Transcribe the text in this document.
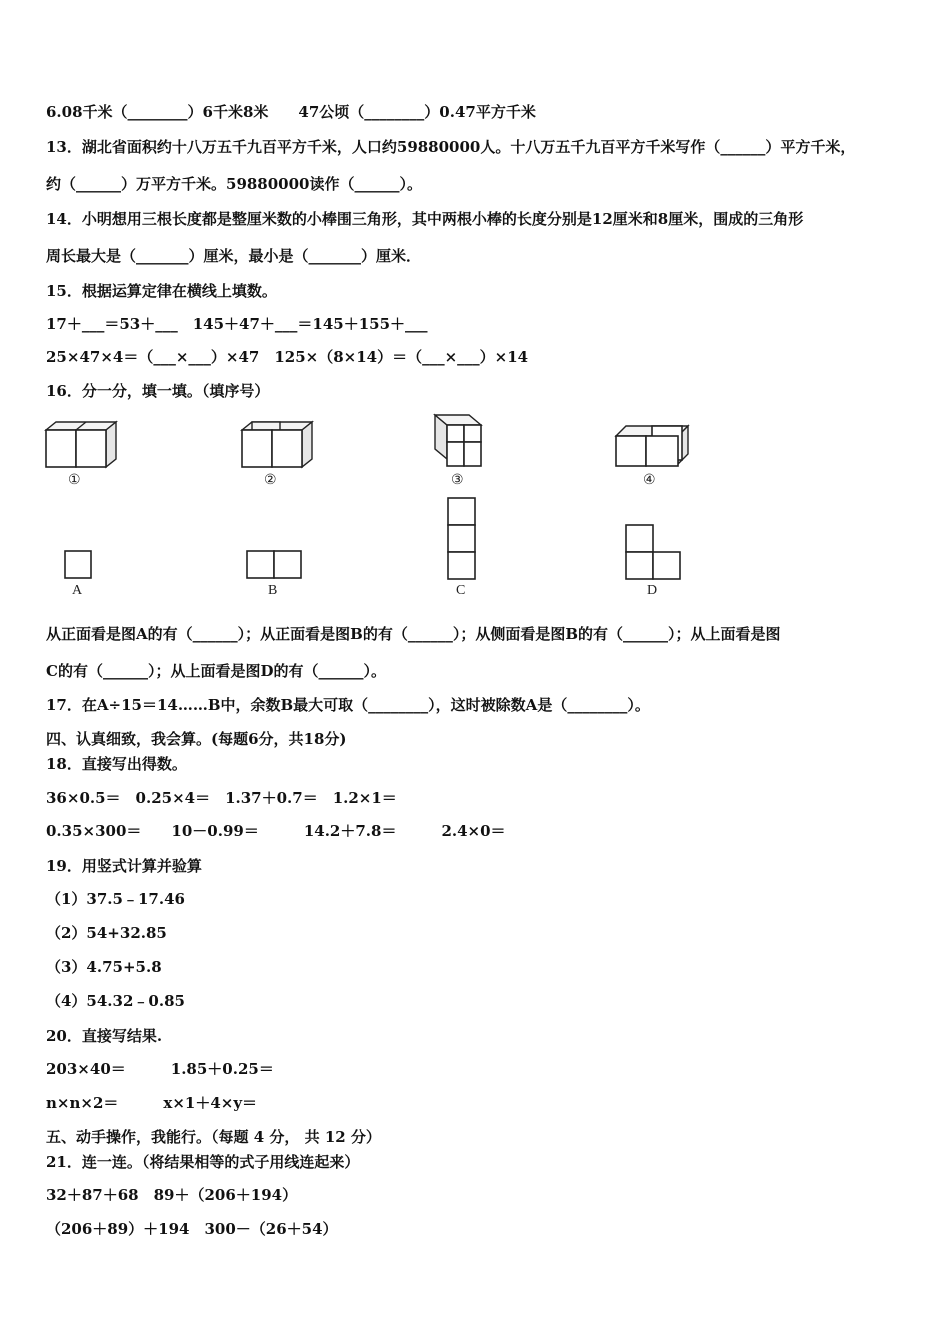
6.08千米（________）6千米8米　　47公顷（________）0.47平方千米
13．湖北省面积约十八万五千九百平方千米，人口约59880000人。十八万五千九百平方千米写作（______）平方千米，
约（______）万平方千米。59880000读作（______）。
14．小明想用三根长度都是整厘米数的小棒围三角形，其中两根小棒的长度分别是12厘米和8厘米，围成的三角形
周长最大是（_______）厘米，最小是（_______）厘米．
15．根据运算定律在横线上填数。
17＋___＝53＋___　145＋47＋___＝145＋155＋___
25×47×4＝（___×___）×47　125×（8×14）＝（___×___）×14
16．分一分，填一填。（填序号）
①	②	③	④
A	B	C	D
从正面看是图A的有（______）；从正面看是图B的有（______）；从侧面看是图B的有（______）；从上面看是图
C的有（______）；从上面看是图D的有（______）。
17．在A÷15＝14……B中，余数B最大可取（________），这时被除数A是（________）。
四、认真细致，我会算。(每题6分，共18分)
18．直接写出得数。
36×0.5＝　0.25×4＝　1.37＋0.7＝　1.2×1＝
0.35×300＝　　10－0.99＝　　　14.2＋7.8＝　　　2.4×0＝
19．用竖式计算并验算
（1）37.5﹣17.46
（2）54+32.85
（3）4.75+5.8
（4）54.32﹣0.85
20．直接写结果.
203×40＝　　　1.85＋0.25＝
n×n×2＝　　　x×1＋4×y＝
五、动手操作，我能行。（每题 4 分， 共 12 分）
21．连一连。（将结果相等的式子用线连起来）
32＋87＋68　89＋（206＋194）
（206＋89）＋194　300－（26＋54）
